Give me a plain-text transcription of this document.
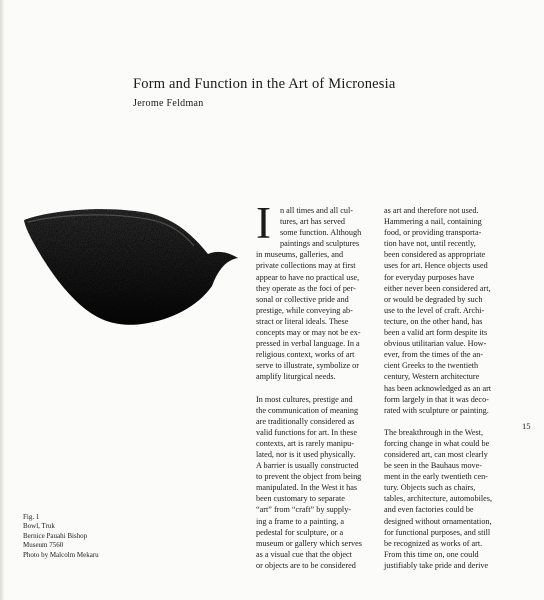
Form and Function in the Art of Micronesia
Jerome Feldman
Fig. 1
Bowl, Truk
Bernice Pauahi Bishop
Museum 7560
Photo by Malcolm Mekaru
I	n all times and all cul-
tures, art has served
some function. Although
paintings and sculptures

in museums, galleries, and
private collections may at first
appear to have no practical use,
they operate as the foci of per-
sonal or collective pride and
prestige, while conveying ab-
stract or literal ideals. These
concepts may or may not be ex-
pressed in verbal language. In a
religious context, works of art
serve to illustrate, symbolize or
amplify liturgical needs.

In most cultures, prestige and
the communication of meaning
are traditionally considered as
valid functions for art. In these
contexts, art is rarely manipu-
lated, nor is it used physically.
A barrier is usually constructed
to prevent the object from being
manipulated. In the West it has
been customary to separate
“art” from “craft” by supply-
ing a frame to a painting, a
pedestal for sculpture, or a
museum or gallery which serves
as a visual cue that the object
or objects are to be considered

as art and therefore not used.
Hammering a nail, containing
food, or providing transporta-
tion have not, until recently,
been considered as appropriate
uses for art. Hence objects used
for everyday purposes have
either never been considered art,
or would be degraded by such
use to the level of craft. Archi-
tecture, on the other hand, has
been a valid art form despite its
obvious utilitarian value. How-
ever, from the times of the an-
cient Greeks to the twentieth
century, Western architecture
has been acknowledged as an art
form largely in that it was deco-
rated with sculpture or painting.

The breakthrough in the West,
forcing change in what could be
considered art, can most clearly
be seen in the Bauhaus move-
ment in the early twentieth cen-
tury. Objects such as chairs,
tables, architecture, automobiles,
and even factories could be
designed without ornamentation,
for functional purposes, and still
be recognized as works of art.
From this time on, one could
justifiably take pride and derive

15
